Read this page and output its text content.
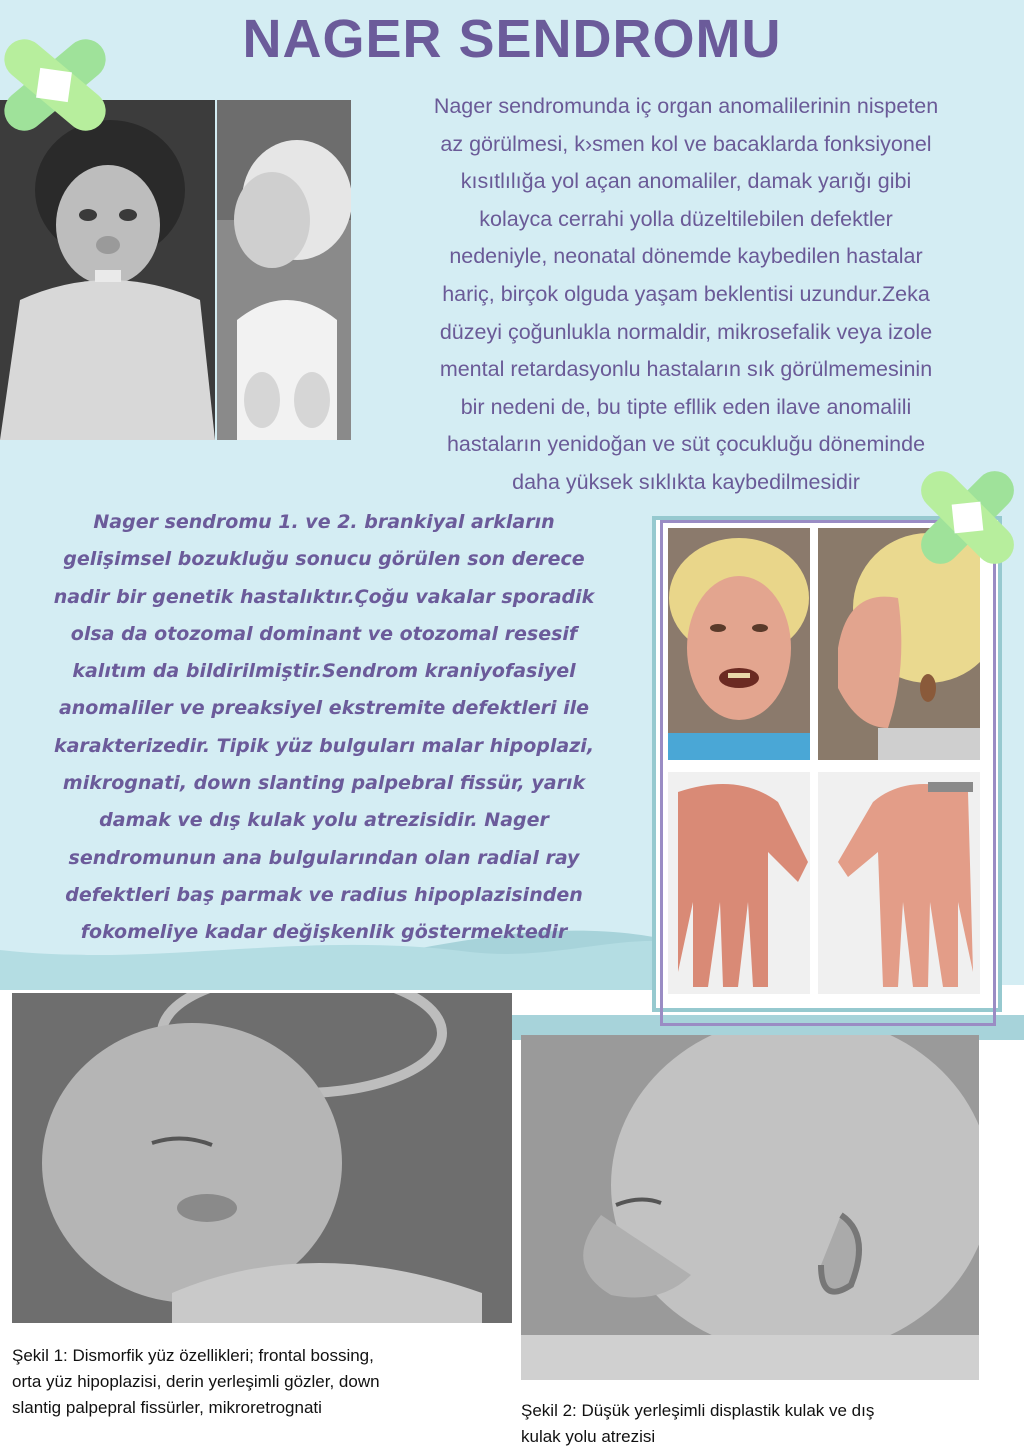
NAGER SENDROMU
Nager sendromunda iç organ anomalilerinin nispeten
az görülmesi, k›smen kol ve bacaklarda fonksiyonel
kısıtlılığa yol açan anomaliler, damak yarığı gibi
kolayca cerrahi yolla düzeltilebilen defektler
nedeniyle, neonatal dönemde kaybedilen hastalar
hariç, birçok olguda yaşam beklentisi uzundur.Zeka
düzeyi çoğunlukla normaldir, mikrosefalik veya izole
mental retardasyonlu hastaların sık görülmemesinin
bir nedeni de, bu tipte efllik eden ilave anomalili
hastaların yenidoğan ve süt çocukluğu döneminde
daha yüksek sıklıkta kaybedilmesidir
Nager sendromu 1. ve 2. brankiyal arkların
gelişimsel bozukluğu sonucu görülen son derece
nadir bir genetik hastalıktır.Çoğu vakalar sporadik
olsa da otozomal dominant ve otozomal resesif
kalıtım da bildirilmiştir.Sendrom kraniyofasiyel
anomaliler ve preaksiyel ekstremite defektleri ile
karakterizedir. Tipik yüz bulguları malar hipoplazi,
mikrognati, down slanting palpebral fissür, yarık
damak ve dış kulak yolu atrezisidir. Nager
sendromunun ana bulgularından olan radial ray
defektleri baş parmak ve radius hipoplazisinden
fokomeliye kadar değişkenlik göstermektedir
Şekil 1: Dismorfik yüz özellikleri; frontal bossing,
orta yüz hipoplazisi, derin yerleşimli gözler, down
slantig palpepral fissürler, mikroretrognati	Şekil 2: Düşük yerleşimli displastik kulak ve dış
kulak yolu atrezisi
